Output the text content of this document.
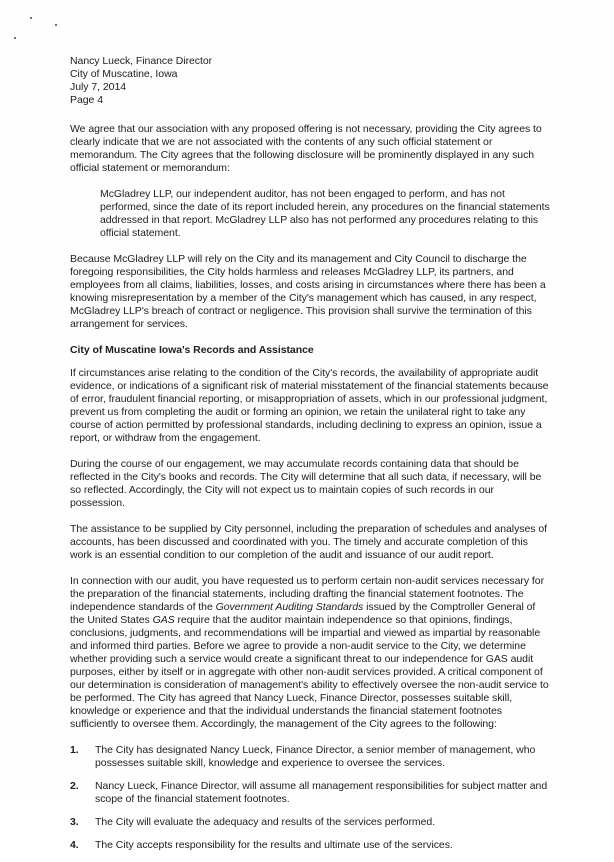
Nancy Lueck, Finance Director
City of Muscatine, Iowa
July 7, 2014
Page 4

We agree that our association with any proposed offering is not necessary, providing the City agrees to clearly indicate that we are not associated with the contents of any such official statement or memorandum. The City agrees that the following disclosure will be prominently displayed in any such official statement or memorandum:

McGladrey LLP, our independent auditor, has not been engaged to perform, and has not performed, since the date of its report included herein, any procedures on the financial statements addressed in that report. McGladrey LLP also has not performed any procedures relating to this official statement.

Because McGladrey LLP will rely on the City and its management and City Council to discharge the foregoing responsibilities, the City holds harmless and releases McGladrey LLP, its partners, and employees from all claims, liabilities, losses, and costs arising in circumstances where there has been a knowing misrepresentation by a member of the City's management which has caused, in any respect, McGladrey LLP's breach of contract or negligence. This provision shall survive the termination of this arrangement for services.

City of Muscatine Iowa's Records and Assistance

If circumstances arise relating to the condition of the City's records, the availability of appropriate audit evidence, or indications of a significant risk of material misstatement of the financial statements because of error, fraudulent financial reporting, or misappropriation of assets, which in our professional judgment, prevent us from completing the audit or forming an opinion, we retain the unilateral right to take any course of action permitted by professional standards, including declining to express an opinion, issue a report, or withdraw from the engagement.

During the course of our engagement, we may accumulate records containing data that should be reflected in the City's books and records. The City will determine that all such data, if necessary, will be so reflected. Accordingly, the City will not expect us to maintain copies of such records in our possession.

The assistance to be supplied by City personnel, including the preparation of schedules and analyses of accounts, has been discussed and coordinated with you. The timely and accurate completion of this work is an essential condition to our completion of the audit and issuance of our audit report.

In connection with our audit, you have requested us to perform certain non-audit services necessary for the preparation of the financial statements, including drafting the financial statement footnotes. The independence standards of the Government Auditing Standards issued by the Comptroller General of the United States GAS require that the auditor maintain independence so that opinions, findings, conclusions, judgments, and recommendations will be impartial and viewed as impartial by reasonable and informed third parties. Before we agree to provide a non-audit service to the City, we determine whether providing such a service would create a significant threat to our independence for GAS audit purposes, either by itself or in aggregate with other non-audit services provided. A critical component of our determination is consideration of management's ability to effectively oversee the non-audit service to be performed. The City has agreed that Nancy Lueck, Finance Director, possesses suitable skill, knowledge or experience and that the individual understands the financial statement footnotes sufficiently to oversee them. Accordingly, the management of the City agrees to the following:

1.	The City has designated Nancy Lueck, Finance Director, a senior member of management, who possesses suitable skill, knowledge and experience to oversee the services.
2.	Nancy Lueck, Finance Director, will assume all management responsibilities for subject matter and scope of the financial statement footnotes.
3.	The City will evaluate the adequacy and results of the services performed.
4.	The City accepts responsibility for the results and ultimate use of the services.
